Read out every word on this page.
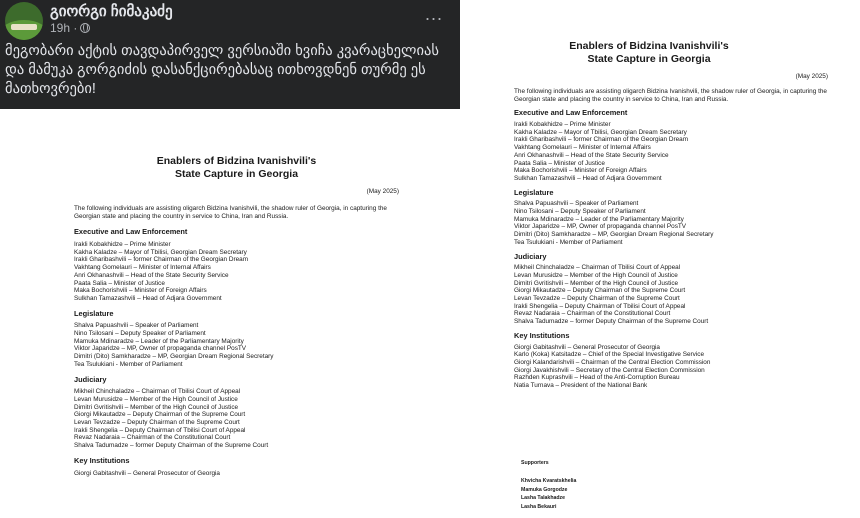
გიორგი ჩიმაკაძე
19h ·
...
მეგობარი აქტის თავდაპირველ ვერსიაში ხვიჩა კვარაცხელიას და მამუკა გორგიძის დასანქცირებასაც ითხოვდნენ თურმე ეს მათხოვრები!
Enablers of Bidzina Ivanishvili's
State Capture in Georgia
(May 2025)
The following individuals are assisting oligarch Bidzina Ivanishvili, the shadow ruler of Georgia, in capturing the Georgian state and placing the country in service to China, Iran and Russia.
Executive and Law Enforcement
Irakli Kobakhidze – Prime Minister
Kakha Kaladze – Mayor of Tbilisi, Georgian Dream Secretary
Irakli Gharibashvili – former Chairman of the Georgian Dream
Vakhtang Gomelauri – Minister of Internal Affairs
Anri Okhanashvili – Head of the State Security Service
Paata Salia – Minister of Justice
Maka Bochorishvili – Minister of Foreign Affairs
Sulkhan Tamazashvili – Head of Adjara Government
Legislature
Shalva Papuashvili – Speaker of Parliament
Nino Tsilosani – Deputy Speaker of Parliament
Mamuka Mdinaradze – Leader of the Parliamentary Majority
Viktor Japaridze – MP, Owner of propaganda channel PosTV
Dimitri (Dito) Samkharadze – MP, Georgian Dream Regional Secretary
Tea Tsulukiani - Member of Parliament
Judiciary
Mikheil Chinchaladze – Chairman of Tbilisi Court of Appeal
Levan Murusidze – Member of the High Council of Justice
Dimitri Gvritishvili – Member of the High Council of Justice
Giorgi Mikautadze – Deputy Chairman of the Supreme Court
Levan Tevzadze – Deputy Chairman of the Supreme Court
Irakli Shengelia – Deputy Chairman of Tbilisi Court of Appeal
Revaz Nadaraia – Chairman of the Constitutional Court
Shalva Tadumadze – former Deputy Chairman of the Supreme Court
Key Institutions
Giorgi Gabitashvili – General Prosecutor of Georgia
Enablers of Bidzina Ivanishvili's
State Capture in Georgia
(May 2025)
The following individuals are assisting oligarch Bidzina Ivanishvili, the shadow ruler of Georgia, in capturing the Georgian state and placing the country in service to China, Iran and Russia.
Executive and Law Enforcement
Irakli Kobakhidze – Prime Minister
Kakha Kaladze – Mayor of Tbilisi, Georgian Dream Secretary
Irakli Gharibashvili – former Chairman of the Georgian Dream
Vakhtang Gomelauri – Minister of Internal Affairs
Anri Okhanashvili – Head of the State Security Service
Paata Salia – Minister of Justice
Maka Bochorishvili – Minister of Foreign Affairs
Sulkhan Tamazashvili – Head of Adjara Government
Legislature
Shalva Papuashvili – Speaker of Parliament
Nino Tsilosani – Deputy Speaker of Parliament
Mamuka Mdinaradze – Leader of the Parliamentary Majority
Viktor Japaridze – MP, Owner of propaganda channel PosTV
Dimitri (Dito) Samkharadze – MP, Georgian Dream Regional Secretary
Tea Tsulukiani - Member of Parliament
Judiciary
Mikheil Chinchaladze – Chairman of Tbilisi Court of Appeal
Levan Murusidze – Member of the High Council of Justice
Dimitri Gvritishvili – Member of the High Council of Justice
Giorgi Mikautadze – Deputy Chairman of the Supreme Court
Levan Tevzadze – Deputy Chairman of the Supreme Court
Irakli Shengelia – Deputy Chairman of Tbilisi Court of Appeal
Revaz Nadaraia – Chairman of the Constitutional Court
Shalva Tadumadze – former Deputy Chairman of the Supreme Court
Key Institutions
Giorgi Gabitashvili – General Prosecutor of Georgia
Karlo (Koka) Katsitadze – Chief of the Special Investigative Service
Giorgi Kalandarishvili – Chairman of the Central Election Commission
Giorgi Javakhishvili – Secretary of the Central Election Commission
Razhden Kuprashvili – Head of the Anti-Corruption Bureau
Natia Turnava – President of the National Bank
Supporters
Khvicha Kvaratskhelia
Mamuka Gorgodze
Lasha Talakhadze
Lasha Bekauri
